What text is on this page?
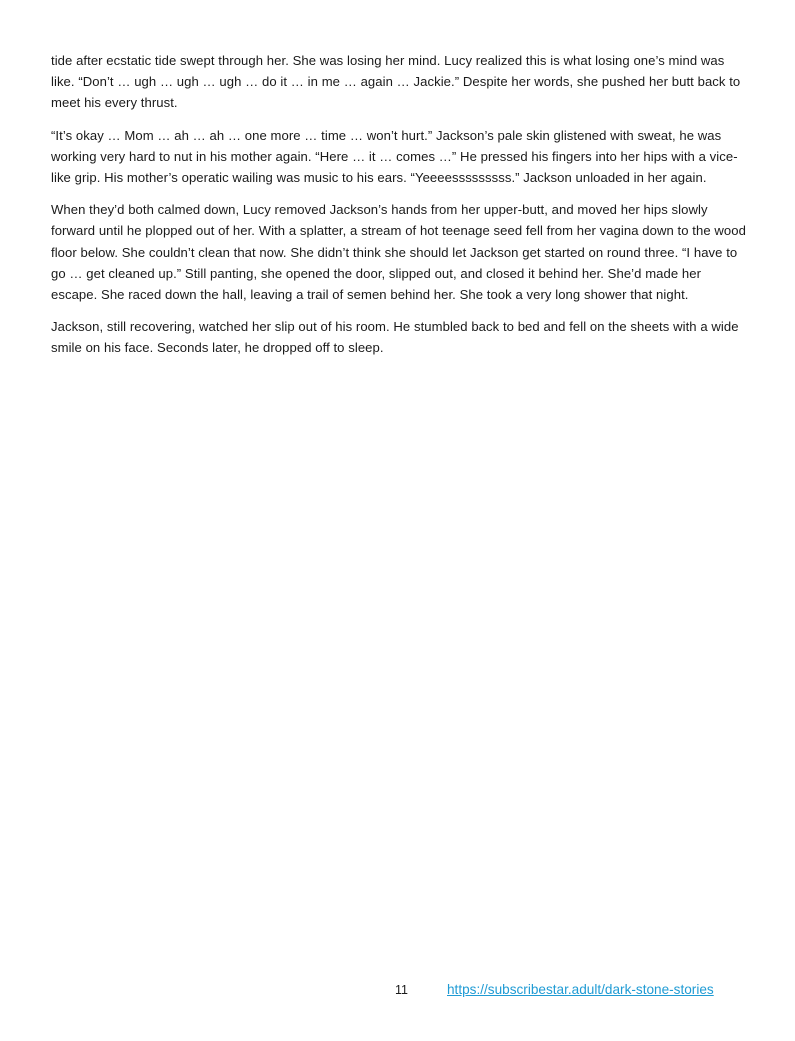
tide after ecstatic tide swept through her. She was losing her mind. Lucy realized this is what losing one’s mind was like. “Don’t … ugh … ugh … ugh … do it … in me … again … Jackie.” Despite her words, she pushed her butt back to meet his every thrust.

“It’s okay … Mom … ah … ah … one more … time … won’t hurt.” Jackson’s pale skin glistened with sweat, he was working very hard to nut in his mother again. “Here … it … comes …” He pressed his fingers into her hips with a vice-like grip. His mother’s operatic wailing was music to his ears. “Yeeeesssssssss.” Jackson unloaded in her again.

When they’d both calmed down, Lucy removed Jackson’s hands from her upper-butt, and moved her hips slowly forward until he plopped out of her. With a splatter, a stream of hot teenage seed fell from her vagina down to the wood floor below. She couldn’t clean that now. She didn’t think she should let Jackson get started on round three. “I have to go … get cleaned up.” Still panting, she opened the door, slipped out, and closed it behind her. She’d made her escape. She raced down the hall, leaving a trail of semen behind her. She took a very long shower that night.

Jackson, still recovering, watched her slip out of his room. He stumbled back to bed and fell on the sheets with a wide smile on his face. Seconds later, he dropped off to sleep.

11	https://subscribestar.adult/dark-stone-stories
